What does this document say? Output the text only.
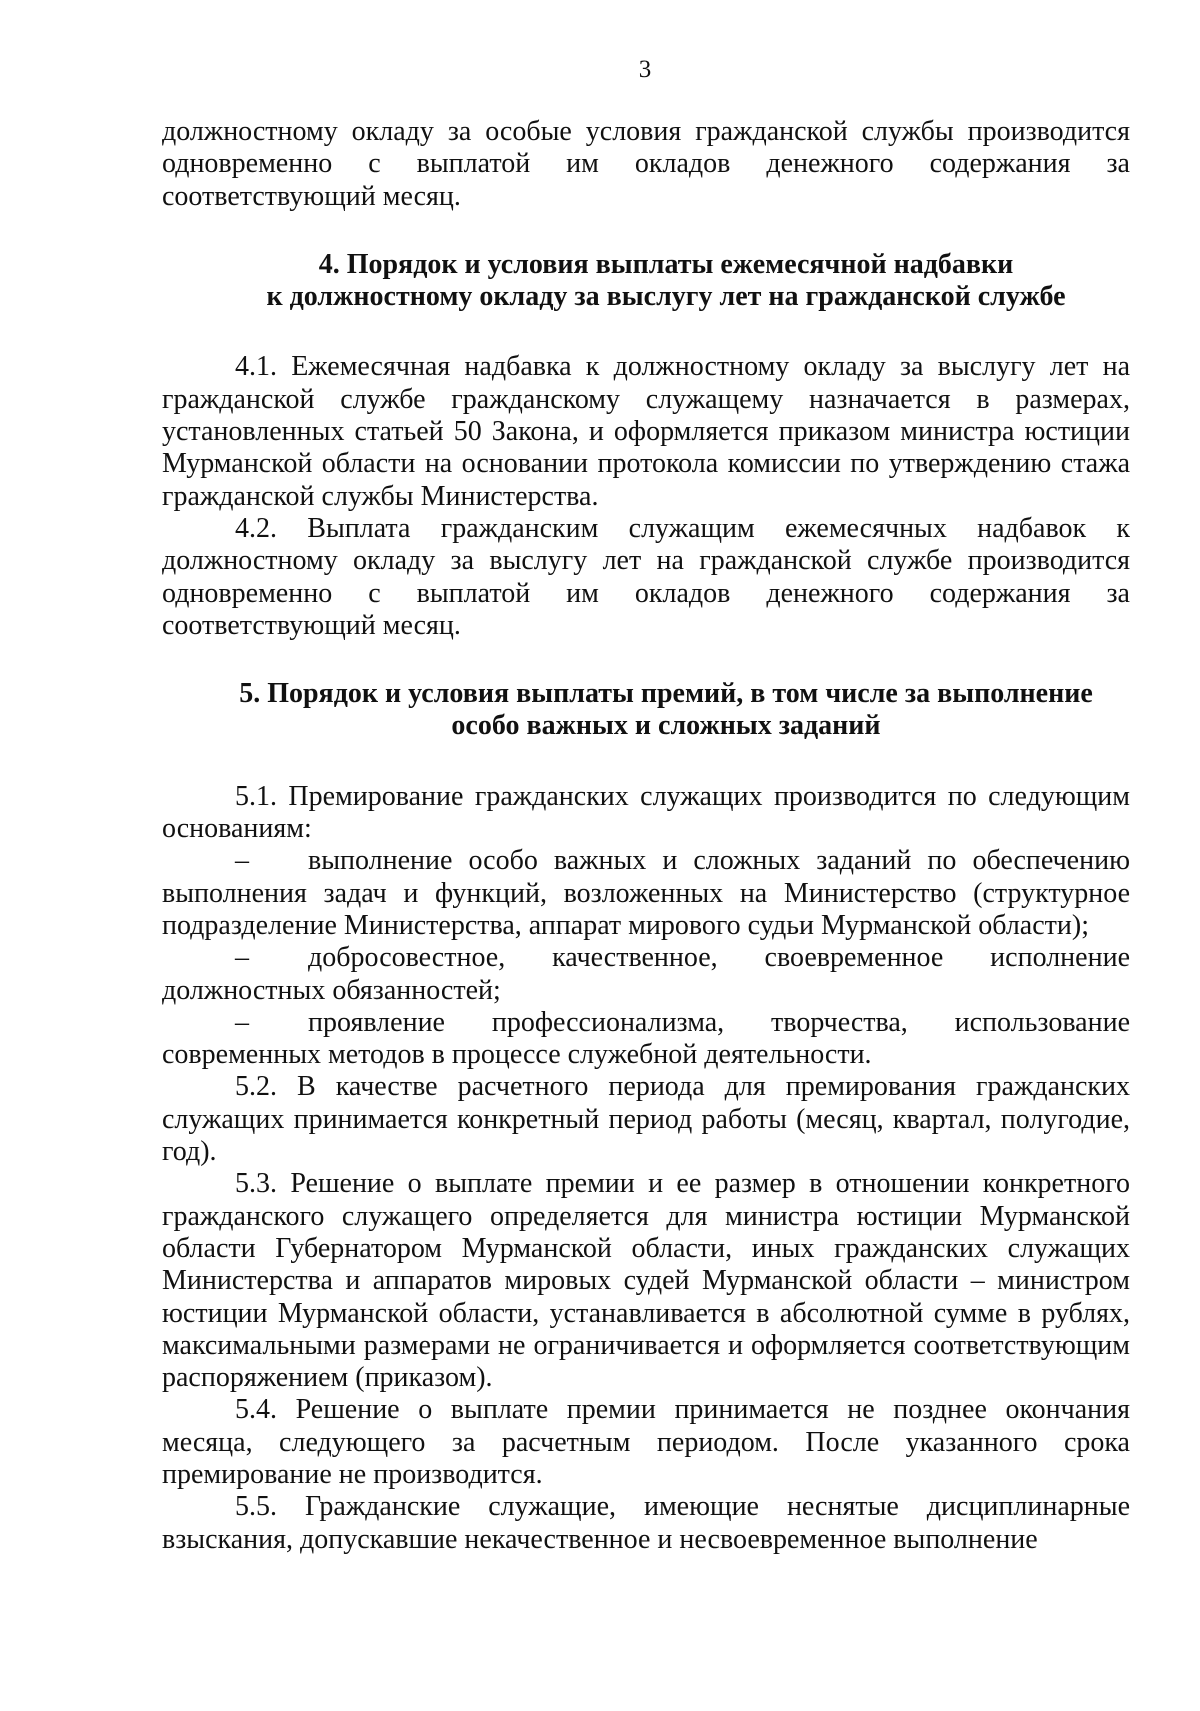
3

должностному окладу за особые условия гражданской службы производится одновременно с выплатой им окладов денежного содержания за соответствующий месяц.

4. Порядок и условия выплаты ежемесячной надбавки
к должностному окладу за выслугу лет на гражданской службе

4.1. Ежемесячная надбавка к должностному окладу за выслугу лет на гражданской службе гражданскому служащему назначается в размерах, установленных статьей 50 Закона, и оформляется приказом министра юстиции Мурманской области на основании протокола комиссии по утверждению стажа гражданской службы Министерства.

4.2. Выплата гражданским служащим ежемесячных надбавок к должностному окладу за выслугу лет на гражданской службе производится одновременно с выплатой им окладов денежного содержания за соответствующий месяц.

5. Порядок и условия выплаты премий, в том числе за выполнение
особо важных и сложных заданий

5.1. Премирование гражданских служащих производится по следующим основаниям:

– выполнение особо важных и сложных заданий по обеспечению выполнения задач и функций, возложенных на Министерство (структурное подразделение Министерства, аппарат мирового судьи Мурманской области);

– добросовестное, качественное, своевременное исполнение должностных обязанностей;

– проявление профессионализма, творчества, использование современных методов в процессе служебной деятельности.

5.2. В качестве расчетного периода для премирования гражданских служащих принимается конкретный период работы (месяц, квартал, полугодие, год).

5.3. Решение о выплате премии и ее размер в отношении конкретного гражданского служащего определяется для министра юстиции Мурманской области Губернатором Мурманской области, иных гражданских служащих Министерства и аппаратов мировых судей Мурманской области – министром юстиции Мурманской области, устанавливается в абсолютной сумме в рублях, максимальными размерами не ограничивается и оформляется соответствующим распоряжением (приказом).

5.4. Решение о выплате премии принимается не позднее окончания месяца, следующего за расчетным периодом. После указанного срока премирование не производится.

5.5. Гражданские служащие, имеющие неснятые дисциплинарные взыскания, допускавшие некачественное и несвоевременное выполнение
